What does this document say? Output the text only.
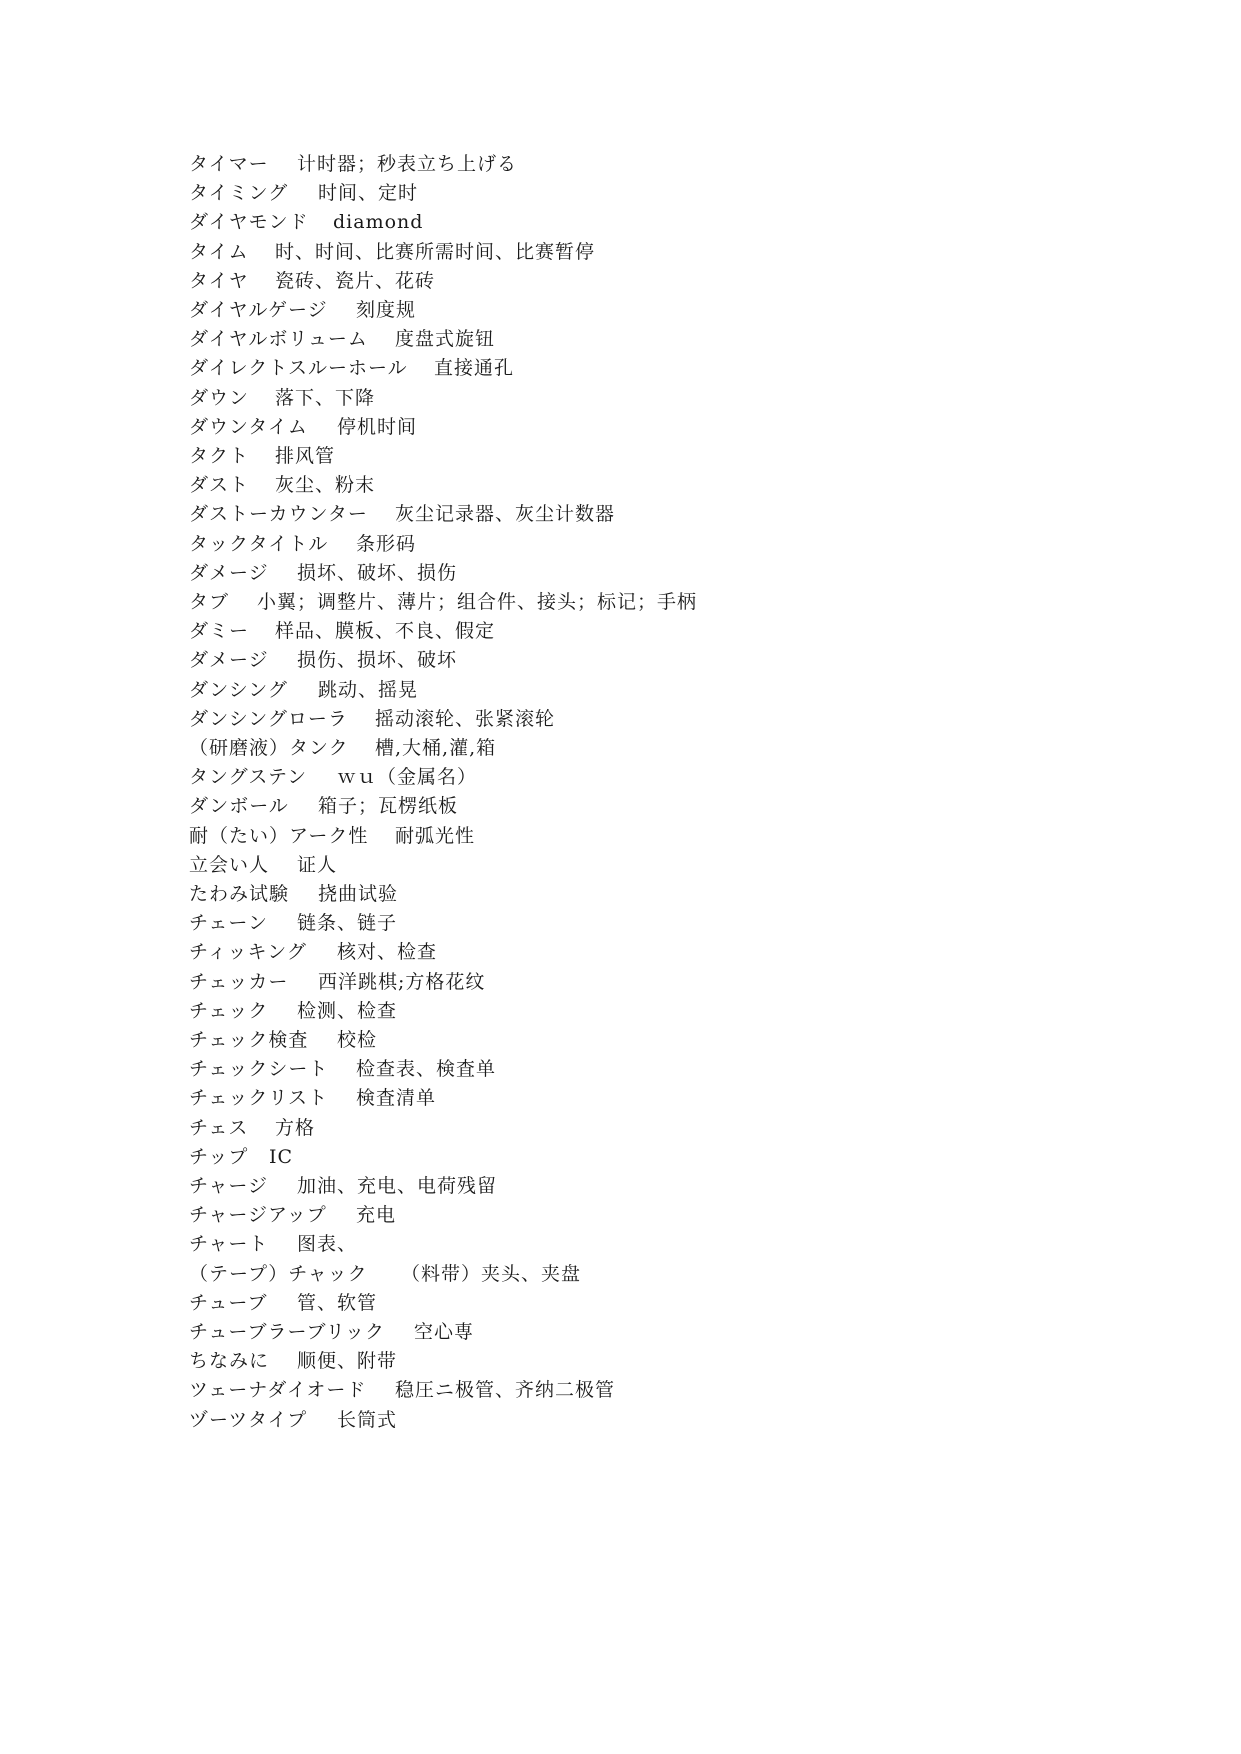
タイマー 计时器；秒表立ち上げる
タイミング 时间、定时
ダイヤモンド diamond
タイム 时、时间、比赛所需时间、比赛暂停
タイヤ 瓷砖、瓷片、花砖
ダイヤルゲージ 刻度规
ダイヤルボリューム 度盘式旋钮
ダイレクトスルーホール 直接通孔
ダウン 落下、下降
ダウンタイム 停机时间
タクト 排风管
ダスト 灰尘、粉末
ダストーカウンター 灰尘记录器、灰尘计数器
タックタイトル 条形码
ダメージ 损坏、破坏、损伤
タブ 小翼；调整片、薄片；组合件、接头；标记；手柄
ダミー 样品、膜板、不良、假定
ダメージ 损伤、损坏、破坏
ダンシング 跳动、摇晃
ダンシングローラ 摇动滚轮、张紧滚轮
（研磨液）タンク 槽,大桶,灌,箱
タングステン ｗｕ（金属名）
ダンボール 箱子；瓦楞纸板
耐（たい）アーク性 耐弧光性
立会い人 证人
たわみ试験 挠曲试验
チェーン 链条、链子
チィッキング 核对、检查
チェッカー 西洋跳棋;方格花纹
チェック 检测、检查
チェック検査 校检
チェックシート 检查表、検査单
チェックリスト 検査清单
チェス 方格
チップ IC
チャージ 加油、充电、电荷残留
チャージアップ 充电
チャート 图表、
（テープ）チャック （料带）夹头、夹盘
チューブ 管、软管
チューブラーブリック 空心専
ちなみに 顺便、附带
ツェーナダイオード 稳圧ニ极管、齐纳二极管
ヅーツタイプ 长筒式
